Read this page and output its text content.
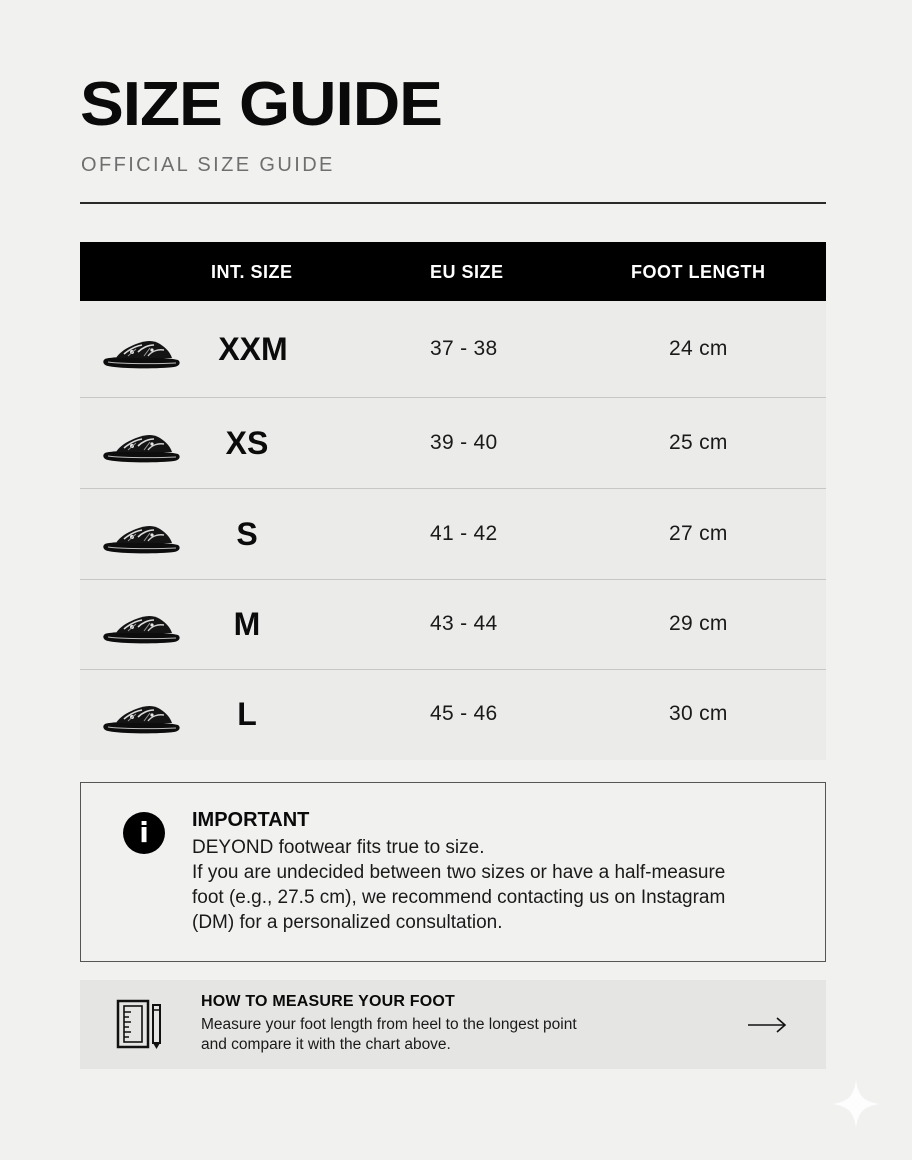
SIZE GUIDE
OFFICIAL SIZE GUIDE
INT. SIZE	EU SIZE	FOOT LENGTH
XXM	37 - 38	24 cm
XS	39 - 40	25 cm
S	41 - 42	27 cm
M	43 - 44	29 cm
L	45 - 46	30 cm
i	IMPORTANT
DEYOND footwear fits true to size.
If you are undecided between two sizes or have a half-measure
foot (e.g., 27.5 cm), we recommend contacting us on Instagram
(DM) for a personalized consultation.
HOW TO MEASURE YOUR FOOT
Measure your foot length from heel to the longest point
and compare it with the chart above.
